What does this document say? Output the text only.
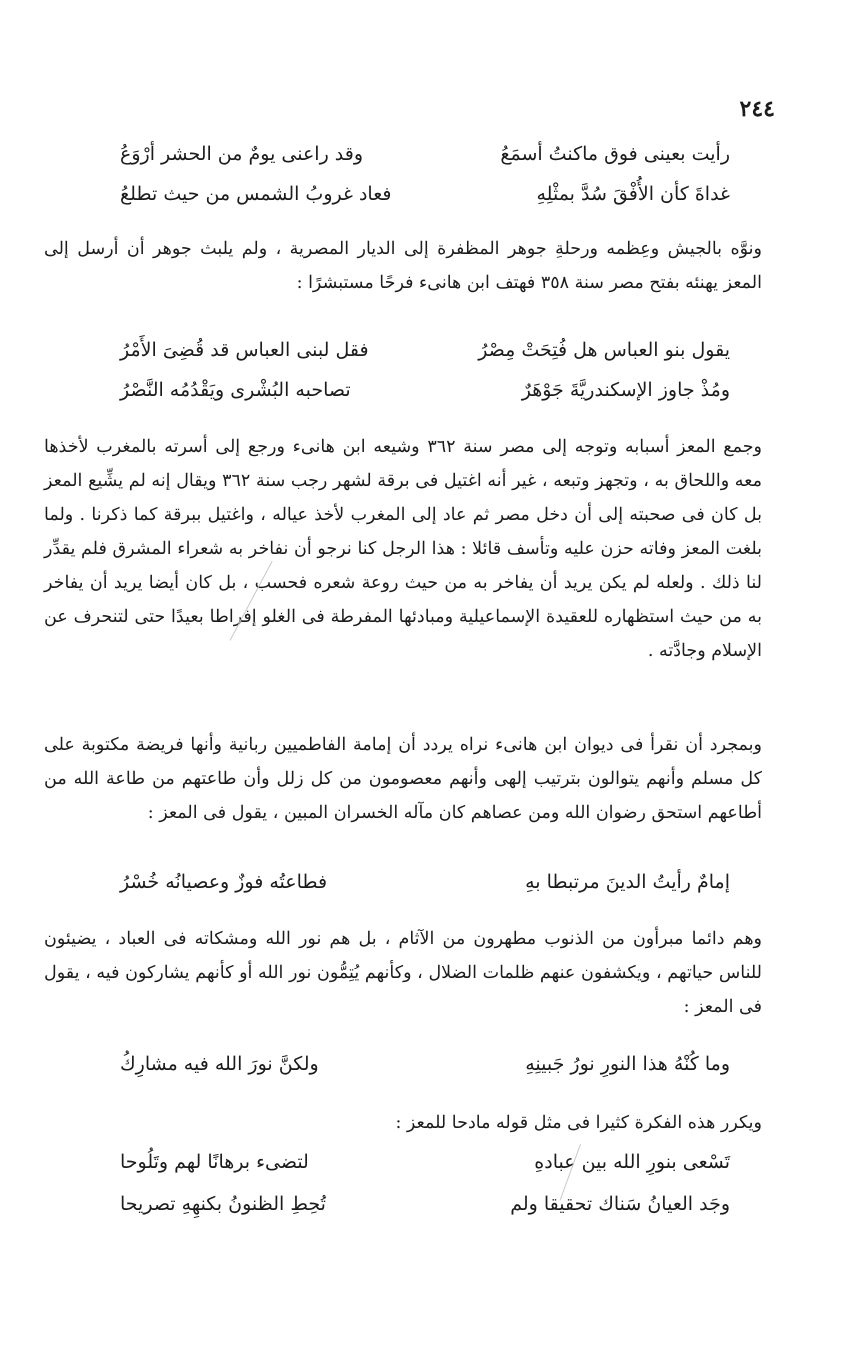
٢٤٤
رأيت بعينى فوق ماكنتُ أسمَعُ
وقد راعنى يومٌ من الحشر أرْوَعُ
غداةَ كأن الأُفْقَ سُدَّ بمثْلِهِ
فعاد غروبُ الشمس من حيث تطلعُ

ونوَّه بالجيش وعِظمه ورحلةِ جوهر المظفرة إلى الديار المصرية ، ولم يلبث جوهر أن أرسل إلى المعز يهنئه بفتح مصر سنة ٣٥٨ فهتف ابن هانىء فرحًا مستبشرًا :

يقول بنو العباس هل فُتِحَتْ مِصْرُ
فقل لبنى العباس قد قُضِىَ الأَمْرُ
ومُذْ جاوز الإسكندريَّةَ جَوْهَرٌ
تصاحبه البُشْرى ويَقْدُمُه النَّصْرُ

وجمع المعز أسبابه وتوجه إلى مصر سنة ٣٦٢ وشيعه ابن هانىء ورجع إلى أسرته بالمغرب لأخذها معه واللحاق به ، وتجهز وتبعه ، غير أنه اغتيل فى برقة لشهر رجب سنة ٣٦٢ ويقال إنه لم يشِّيع المعز بل كان فى صحبته إلى أن دخل مصر ثم عاد إلى المغرب لأخذ عياله ، واغتيل ببرقة كما ذكرنا . ولما بلغت المعز وفاته حزن عليه وتأسف قائلا : هذا الرجل كنا نرجو أن نفاخر به شعراء المشرق فلم يقدِّر لنا ذلك . ولعله لم يكن يريد أن يفاخر به من حيث روعة شعره فحسب ، بل كان أيضا يريد أن يفاخر به من حيث استظهاره للعقيدة الإسماعيلية ومبادئها المفرطة فى الغلو إفراطا بعيدًا حتى لتنحرف عن الإسلام وجادَّته .

وبمجرد أن نقرأ فى ديوان ابن هانىء نراه يردد أن إمامة الفاطميين ربانية وأنها فريضة مكتوبة على كل مسلم وأنهم يتوالون بترتيب إلهى وأنهم معصومون من كل زلل وأن طاعتهم من طاعة الله من أطاعهم استحق رضوان الله ومن عصاهم كان مآله الخسران المبين ، يقول فى المعز :

إمامٌ رأيتُ الدينَ مرتبطا بهِ
فطاعتُه فوزٌ وعصيانُه خُسْرُ

وهم دائما مبرأون من الذنوب مطهرون من الآثام ، بل هم نور الله ومشكاته فى العباد ، يضيئون للناس حياتهم ، ويكشفون عنهم ظلمات الضلال ، وكأنهم يُتِمُّون نور الله أو كأنهم يشاركون فيه ، يقول فى المعز :

وما كُنْهُ هذا النورِ نورُ جَبينِهِ
ولكنَّ نورَ الله فيه مشارِكُ

ويكرر هذه الفكرة كثيرا فى مثل قوله مادحا للمعز :

تَسْعى بنورِ الله بين عبادهِ
لتضىء برهانًا لهم وتَلُوحا
وجَد العيانُ سَناك تحقيقا ولم
تُحِطِ الظنونُ بكنهِهِ تصريحا
